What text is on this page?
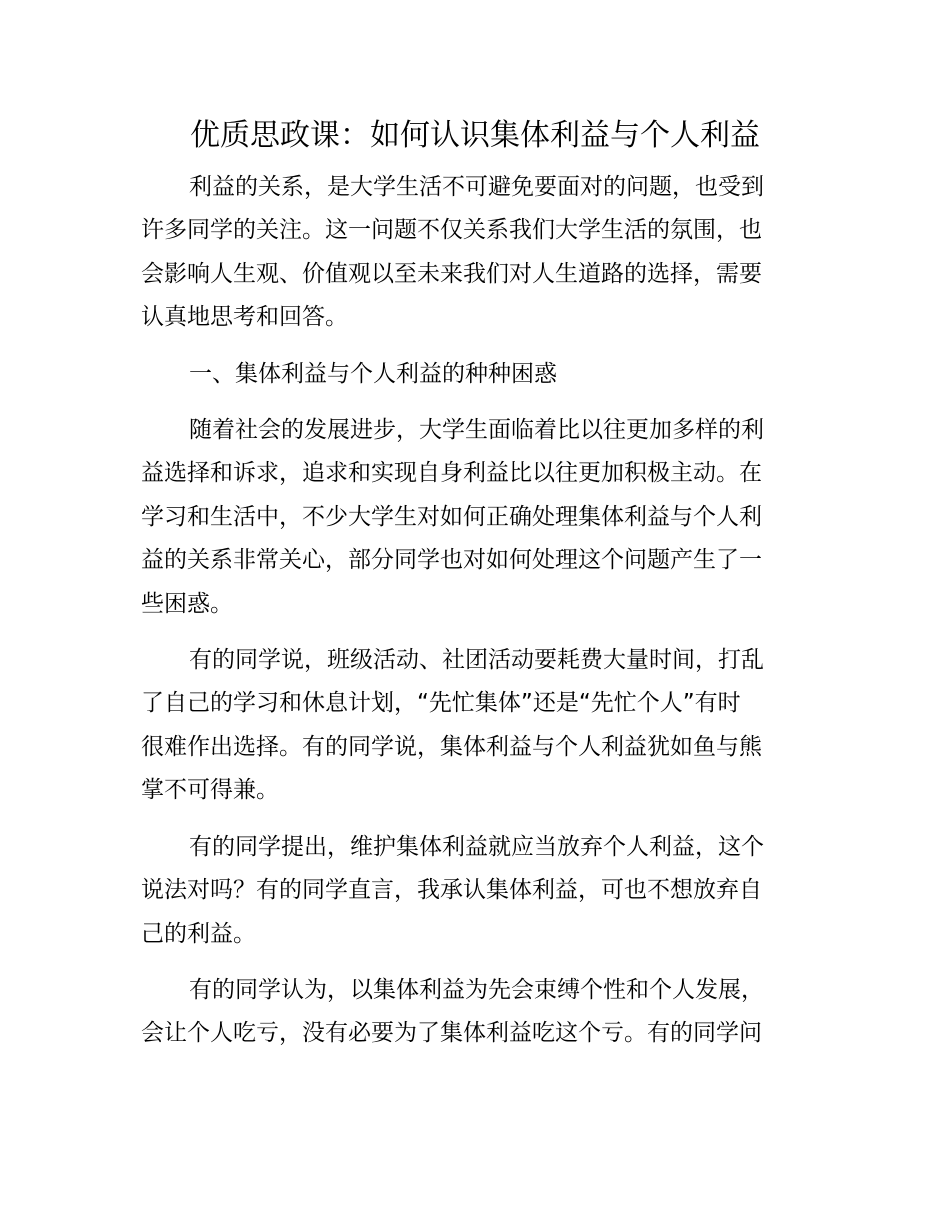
优质思政课：如何认识集体利益与个人利益

利益的关系，是大学生活不可避免要面对的问题，也受到
许多同学的关注。这一问题不仅关系我们大学生活的氛围，也
会影响人生观、价值观以至未来我们对人生道路的选择，需要
认真地思考和回答。

一、集体利益与个人利益的种种困惑

随着社会的发展进步，大学生面临着比以往更加多样的利
益选择和诉求，追求和实现自身利益比以往更加积极主动。在
学习和生活中，不少大学生对如何正确处理集体利益与个人利
益的关系非常关心，部分同学也对如何处理这个问题产生了一
些困惑。

有的同学说，班级活动、社团活动要耗费大量时间，打乱
了自己的学习和休息计划，“先忙集体”还是“先忙个人”有时
很难作出选择。有的同学说，集体利益与个人利益犹如鱼与熊
掌不可得兼。

有的同学提出，维护集体利益就应当放弃个人利益，这个
说法对吗？有的同学直言，我承认集体利益，可也不想放弃自
己的利益。

有的同学认为，以集体利益为先会束缚个性和个人发展，
会让个人吃亏，没有必要为了集体利益吃这个亏。有的同学问
